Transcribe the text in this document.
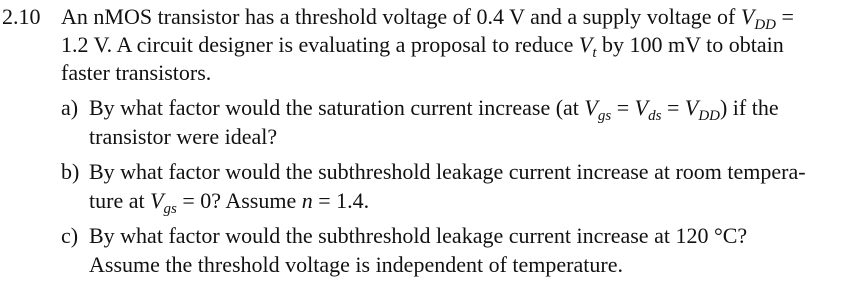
2.10 An nMOS transistor has a threshold voltage of 0.4 V and a supply voltage of $V_{DD}$ =
1.2 V. A circuit designer is evaluating a proposal to reduce $V_t$ by 100 mV to obtain
faster transistors.
a) By what factor would the saturation current increase (at $V_{gs} = V_{ds} = V_{DD}$) if the
transistor were ideal?
b) By what factor would the subthreshold leakage current increase at room tempera-
ture at $V_{gs} = 0$? Assume n = 1.4.
c) By what factor would the subthreshold leakage current increase at 120 °C?
Assume the threshold voltage is independent of temperature.
